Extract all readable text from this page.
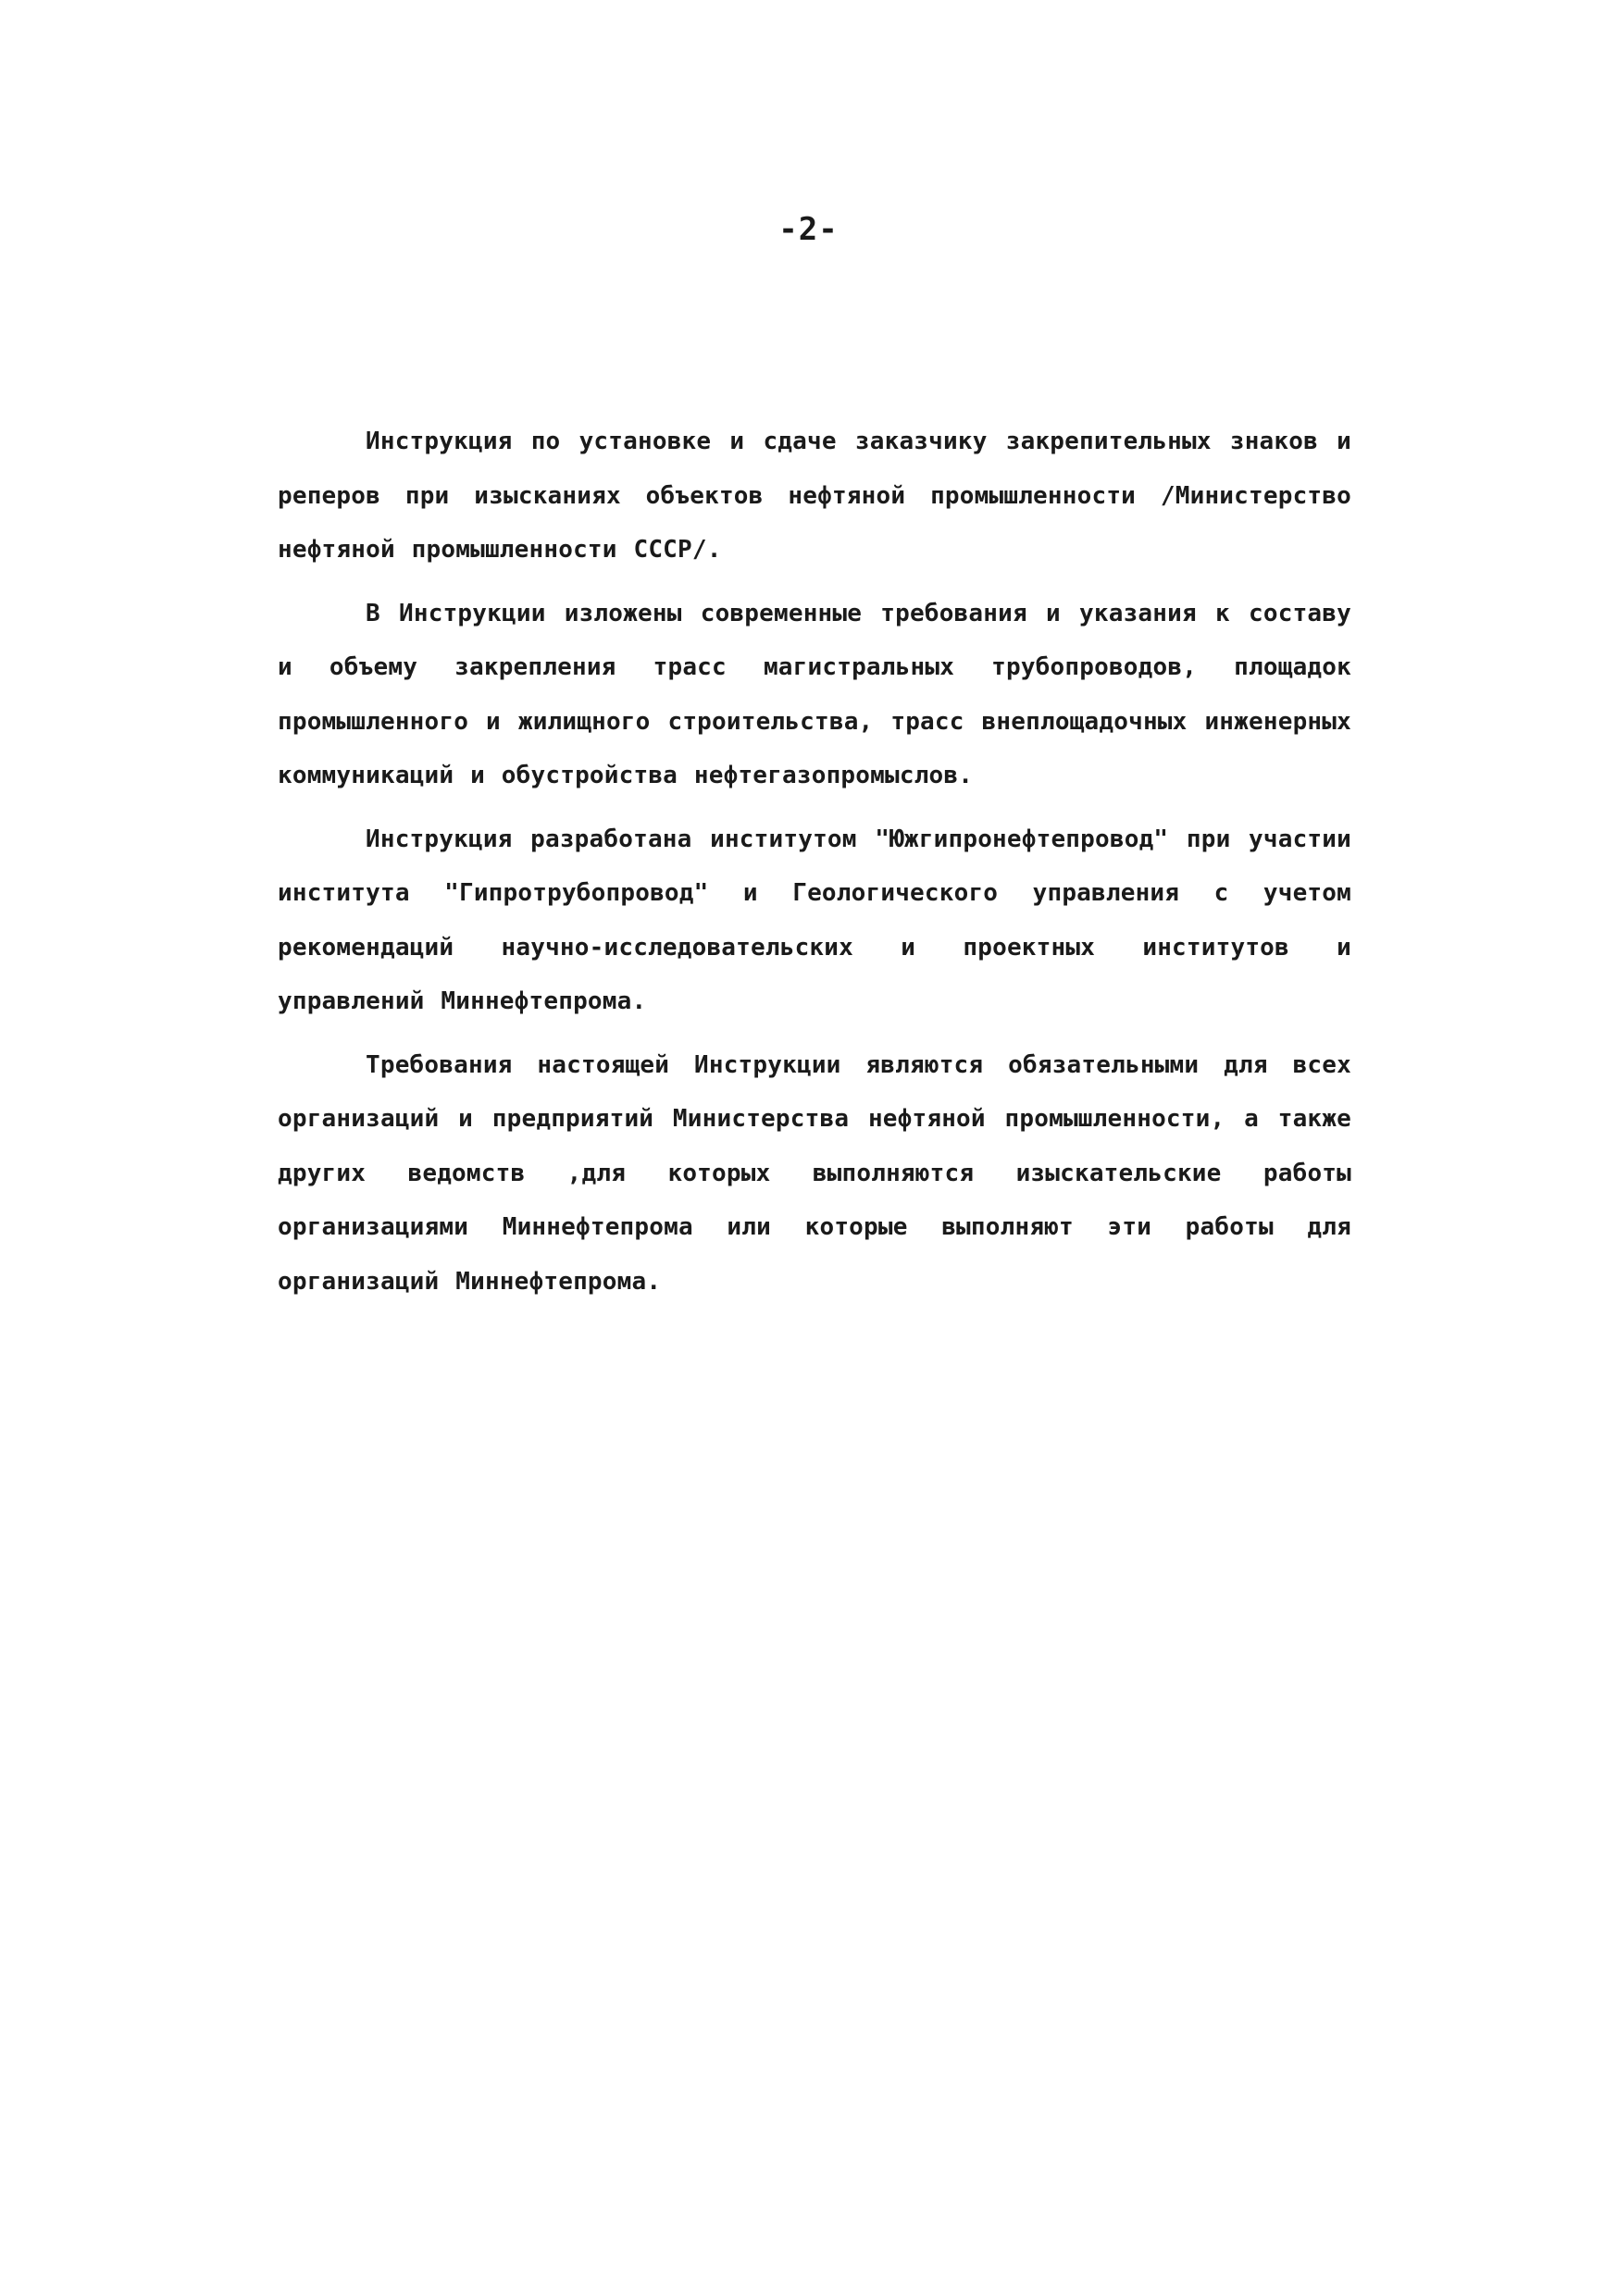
-2-

Инструкция по установке и сдаче заказчику закрепительных знаков и реперов при изысканиях объектов нефтяной промышленности /Министерство нефтяной промышленности СССР/.

В Инструкции изложены современные требования и указания к составу и объему закрепления трасс магистральных трубопроводов, площадок промышленного и жилищного строительства, трасс внеплощадочных инженерных коммуникаций и обустройства нефтегазопромыслов.

Инструкция разработана институтом "Южгипронефтепровод" при участии института "Гипротрубопровод" и Геологического управления с учетом рекомендаций научно-исследовательских и проектных институтов и управлений Миннефтепрома.

Требования настоящей Инструкции являются обязательными для всех организаций и предприятий Министерства нефтяной промышленности, а также других ведомств ,для которых выполняются изыскательские работы организациями Миннефтепрома или которые выполняют эти работы для организаций Миннефтепрома.
